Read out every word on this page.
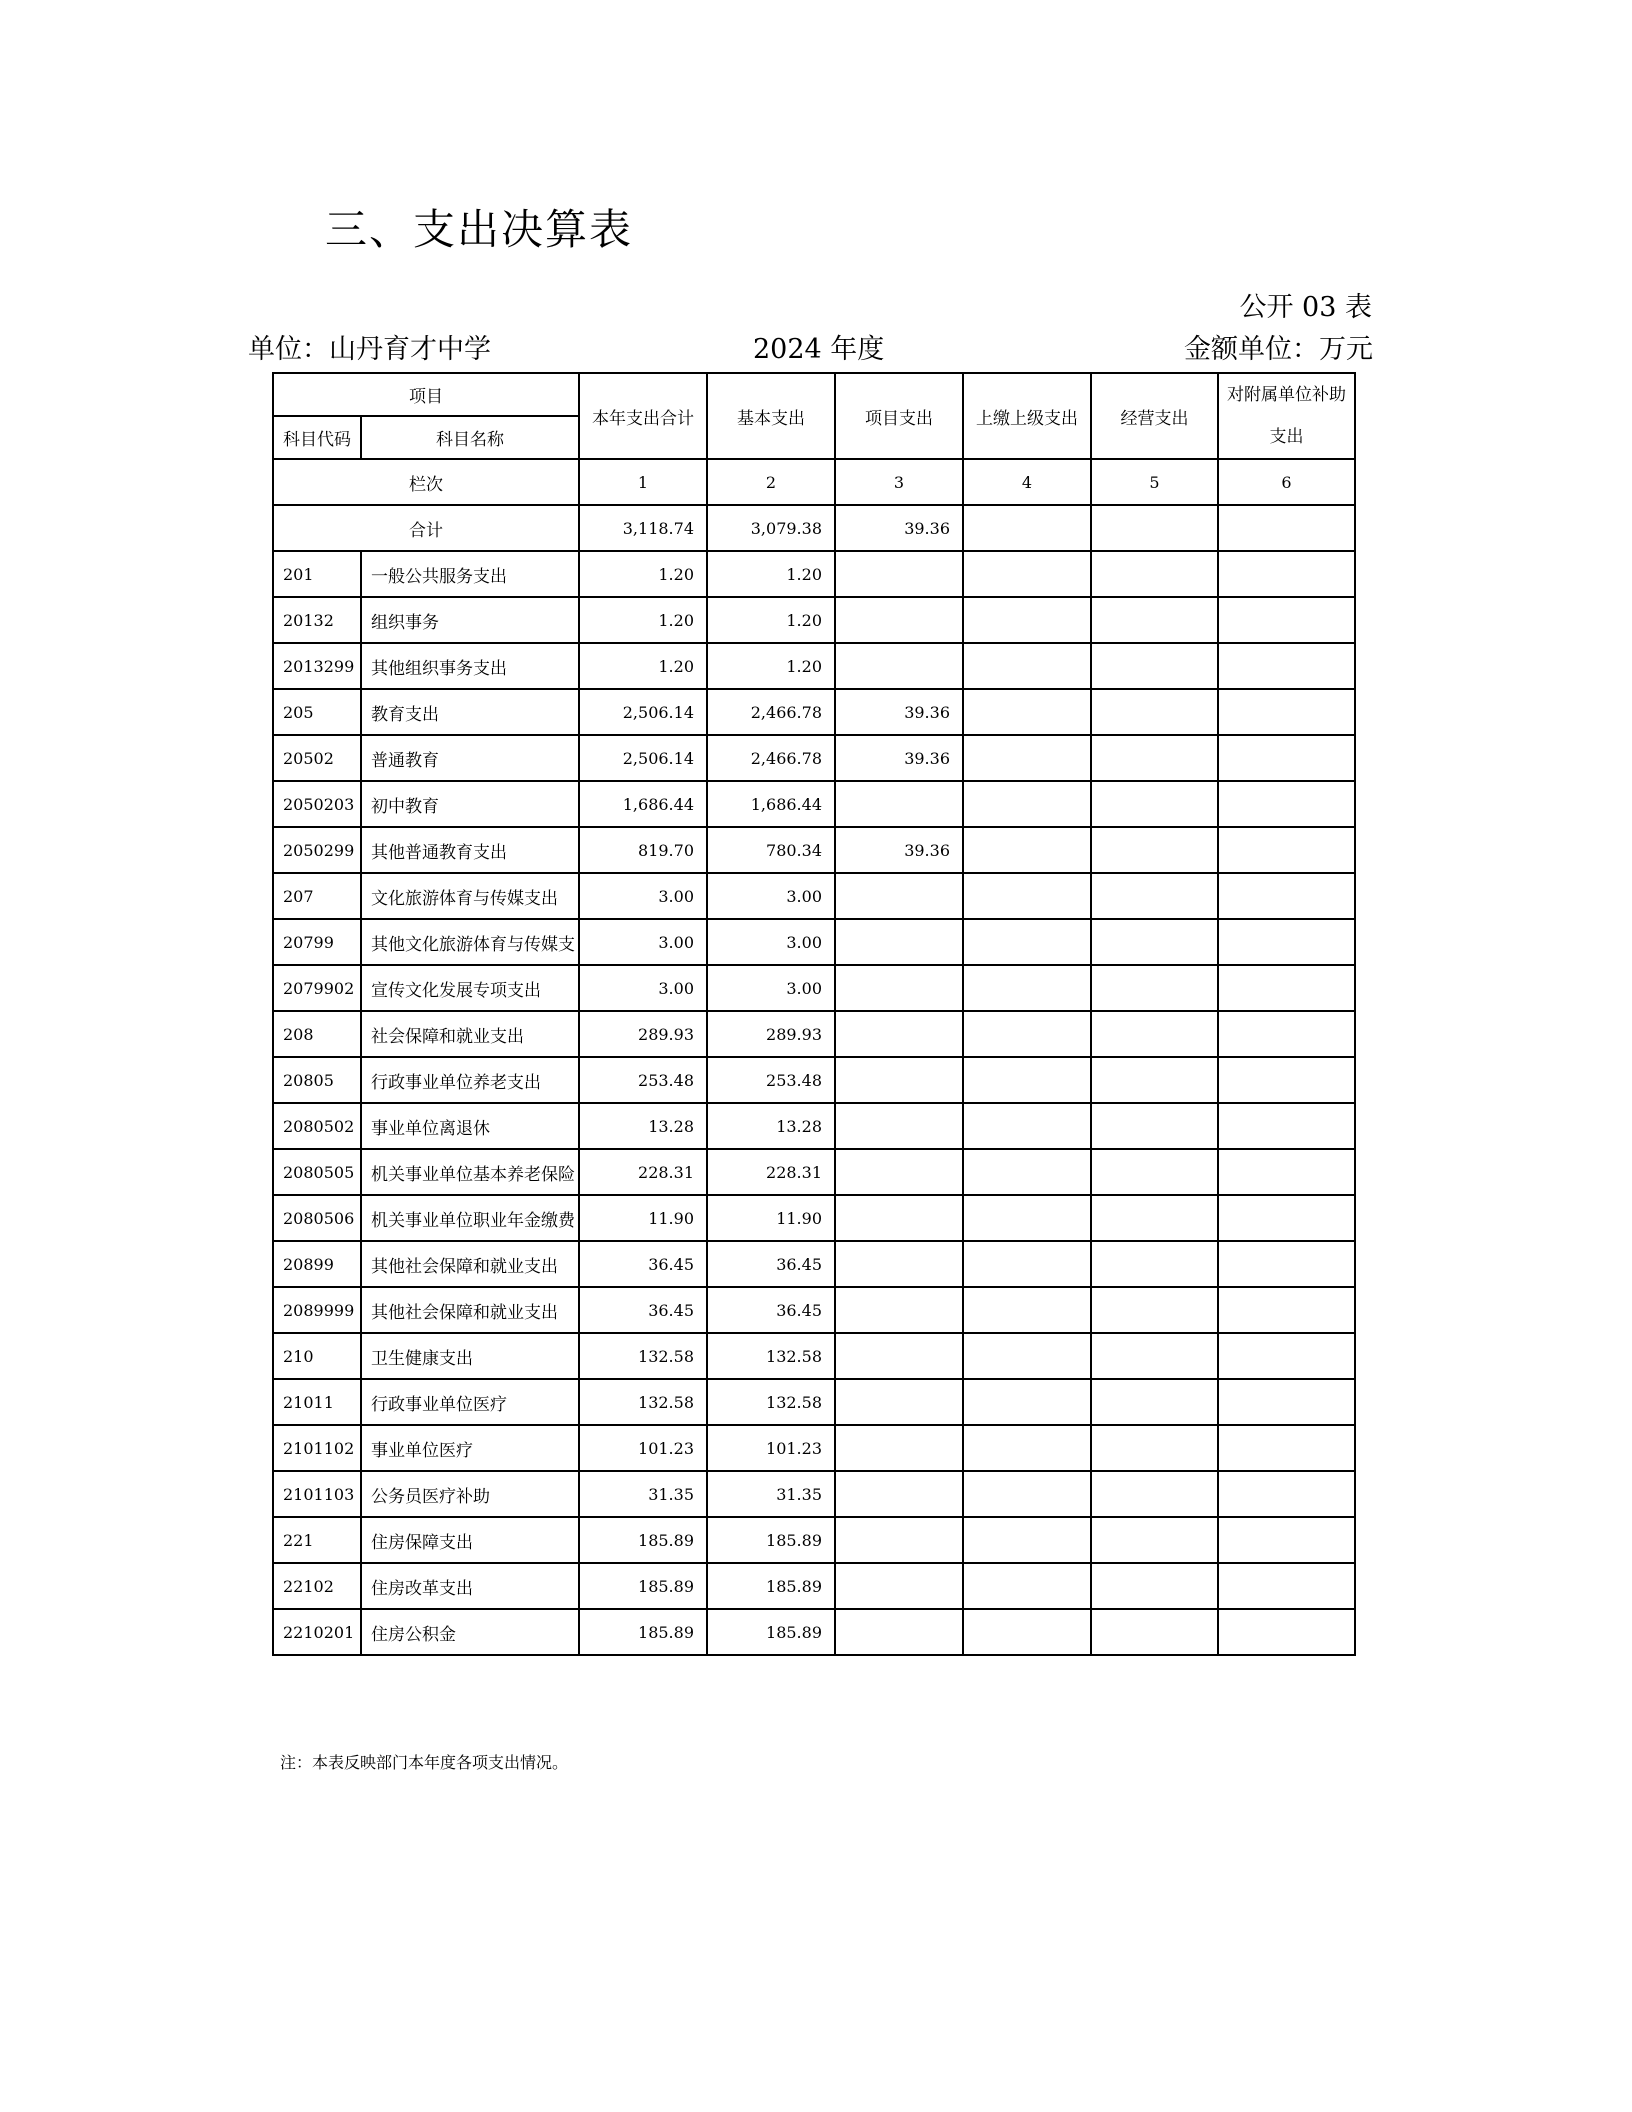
三、支出决算表
公开 03 表
单位：山丹育才中学	2024 年度	金额单位：万元
项目		本年支出合计	基本支出	项目支出	上缴上级支出	经营支出	对附属单位补助支出

科目代码	科目名称						
栏次		1	2	3	4	5	6
合计		3,118.74	3,079.38	39.36			
201	一般公共服务支出	1.20	1.20				
20132	组织事务	1.20	1.20				
2013299	其他组织事务支出	1.20	1.20				
205	教育支出	2,506.14	2,466.78	39.36			
20502	普通教育	2,506.14	2,466.78	39.36			
2050203	初中教育	1,686.44	1,686.44				
2050299	其他普通教育支出	819.70	780.34	39.36			
207	文化旅游体育与传媒支出	3.00	3.00				
20799	其他文化旅游体育与传媒支	3.00	3.00				
2079902	宣传文化发展专项支出	3.00	3.00				
208	社会保障和就业支出	289.93	289.93				
20805	行政事业单位养老支出	253.48	253.48				
2080502	事业单位离退休	13.28	13.28				
2080505	机关事业单位基本养老保险	228.31	228.31				
2080506	机关事业单位职业年金缴费	11.90	11.90				
20899	其他社会保障和就业支出	36.45	36.45				
2089999	其他社会保障和就业支出	36.45	36.45				
210	卫生健康支出	132.58	132.58				
21011	行政事业单位医疗	132.58	132.58				
2101102	事业单位医疗	101.23	101.23				
2101103	公务员医疗补助	31.35	31.35				
221	住房保障支出	185.89	185.89				
22102	住房改革支出	185.89	185.89				
2210201	住房公积金	185.89	185.89				
注：本表反映部门本年度各项支出情况。
